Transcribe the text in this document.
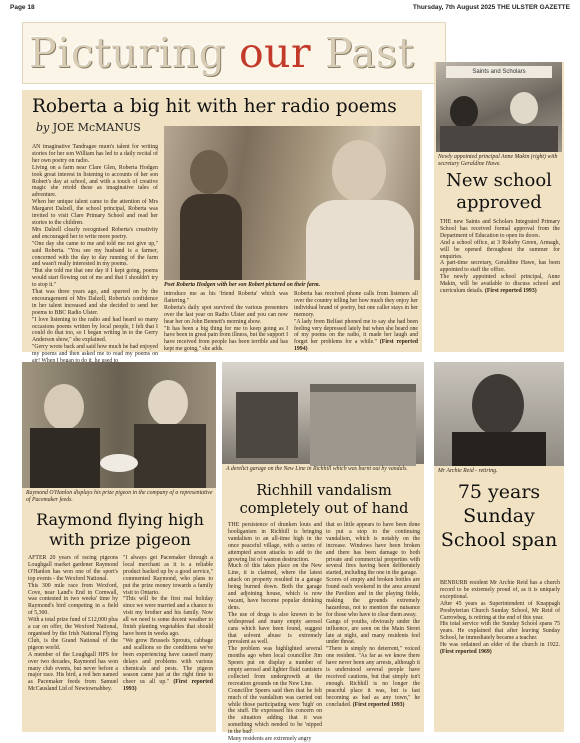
Page 18	Thursday, 7th August 2025 THE ULSTER GAZETTE
Picturing our Past
Roberta a big hit with her radio poems
by JOE McMANUS
AN imaginative Tandragee mum's talent for writing stories for her son William has led to a daily recital of her own poetry on radio.
Living on a farm near Clare Glen, Roberta Hodgen took great interest in listening to accounts of her son Robert's day at school, and with a touch of creative magic she retold these as imaginative tales of adventure.
When her unique talent came to the attention of Mrs Margaret Dalzell, the school principal, Roberta was invited to visit Clare Primary School and read her stories to the children.
Mrs Dalzell clearly recognised Roberta's creativity and encouraged her to write more poetry.
"One day she came to me and told me not give up," said Roberta. "You see my husband is a farmer, concerned with the day to day running of the farm and wasn't really interested in my poems.
"But she told me that one day if I kept going, poems would start flowing out of me and that I shouldn't try to stop it."
That was three years ago, and spurred on by the encouragement of Mrs Dalzell, Roberta's confidence in her talent increased and she decided to send her poems to BBC Radio Ulster.
"I love listening to the radio and had heard so many occasions poems written by local people, I felt that I could do that too, so I began writing in to the Gerry Anderson show," she explained.
"Gerry wrote back and said how much he had enjoyed my poems and then asked me to read my poems on
Poet Roberta Hodgen with her son Robert pictured on their farm.
introduce me as his 'friend Roberta' which was flattering."
Roberta's daily spot survived the various presenters over the last year on Radio Ulster and you can now hear her on John Bennett's morning show.
"It has been a big thing for me to keep going as I have been in great pain from illness, but the support I have received from people has been terrible and has kept me going," she adds.
Roberta has received phone calls from listeners all over the country telling her how much they enjoy her individual brand of poetry, but one caller stays in her memory.
"A lady from Belfast phoned me to say she had been feeling very depressed lately but when she heard one of my poems on the radio, it made her laugh and forget her problems for a while." (First reported 1994)
Saints and Scholars
Newly appointed principal Anne Makin (right) with secretary Geraldine Hawe.
New school approved
THE new Saints and Scholars Integrated Primary School has received formal approval from the Department of Education to open its doors.
And a school office, at 3 Rokeby Green, Armagh, will be opened throughout the summer for enquiries.
A part-time secretary, Geraldine Hawe, has been appointed to staff the office.
The newly appointed school principal, Anne Makin, will be available to discuss school and curriculum details. (First reported 1993)
Raymond O'Hanlon displays his prize pigeon in the company of a representative of Pacemaker feeds.
Raymond flying high with prize pigeon
AFTER 20 years of racing pigeons Loughgall market gardener Raymond O'Hanlon has won one of the sport's top events - the Wexford National.
This 300 mile race from Wexford, Cove, near Land's End in Cornwall, was contested in two weeks' time by Raymond's bird competing in a field of 5,300.
With a total prize fund of £12,000 plus a car on offer, the Wexford National, organised by the Irish National Flying Club, is the Grand National of the pigeon world.
A member of the Loughgall HPS for over two decades, Raymond has won many club events, but never before a major race. His bird, a red hen named as Pacemaker feeds from Samuel McCausland Ltd of Newtownabbey.
"I always get Pacemaker through a local merchant as it is a reliable product backed up by a good service," commented Raymond, who plans to put the prize money towards a family visit to Ontario.
"This will be the first real holiday since we were married and a chance to visit my brother and his family. Now all we need is some decent weather to finish planting vegetables that should have been in weeks ago.
"We grow Brussels Sprouts, cabbage and scallions so the conditions we've been experiencing have caused many delays and problems with various chemicals and pests. The pigeon season came just at the right time to cheer us all up." (First reported 1993)
A derelict garage on the New Line in Richhill which was burnt out by vandals.
Richhill vandalism completely out of hand
THE persistence of drunken louts and hooliganism in Richhill is bringing vandalism to an all-time high in the once peaceful village, with a series of attempted arson attacks to add to the growing list of wanton destruction.
Much of this takes place on the New Line, it is claimed, where the latest attack on property resulted in a garage being burned down. Both the garage and adjoining house, which is now vacant, have become popular drinking dens.
The use of drugs is also known to be widespread and many empty aerosol cans which have been found, suggest that solvent abuse is extremely prevalent as well.
The problem was highlighted several months ago when local councillor Jim Speers put on display a number of empty aerosol and lighter fluid canisters collected from undergrowth at the recreation grounds on the New Line.
Councillor Speers said then that he felt much of the vandalism was carried out while those participating were 'high' on the stuff. He expressed his concern on the situation adding that it was something which needed to be 'nipped in the bud'.
Many residents are extremely angry
that so little appears to have been done to put a stop to the continuing vandalism, which is notably on the increase. Windows have been broken and there has been damage to both private and commercial properties with several fires having been deliberately started, including the one in the garage.
Scores of empty and broken bottles are found each weekend in the area around the Pavilion and in the playing fields, making the grounds extremely hazardous, not to mention the nuisance for those who have to clear them away.
Gangs of youths, obviously under the influence, are seen on the Main Street late at night, and many residents feel under threat.
"There is simply no deterrent," voiced one resident. "As far as we know there have never been any arrests, although it is understood several people have received cautions, but that simply isn't enough. Richhill is no longer the peaceful place it was, but is fast becoming as bad as any town," he concluded. (First reported 1993)
Mr Archie Reid - retiring.
75 years Sunday School span
BENBURB resident Mr Archie Reid has a church record to be extremely proud of, as it is uniquely exceptional.
After 45 years as Superintendent of Knappagh Presbyterian Church Sunday School, Mr Reid of Carrowbeg, is retiring at the end of this year.
His total service with the Sunday School spans 75 years. He explained that after leaving Sunday School, he immediately became a teacher.
He was ordained an elder of the church in 1922. (First reported 1969)
